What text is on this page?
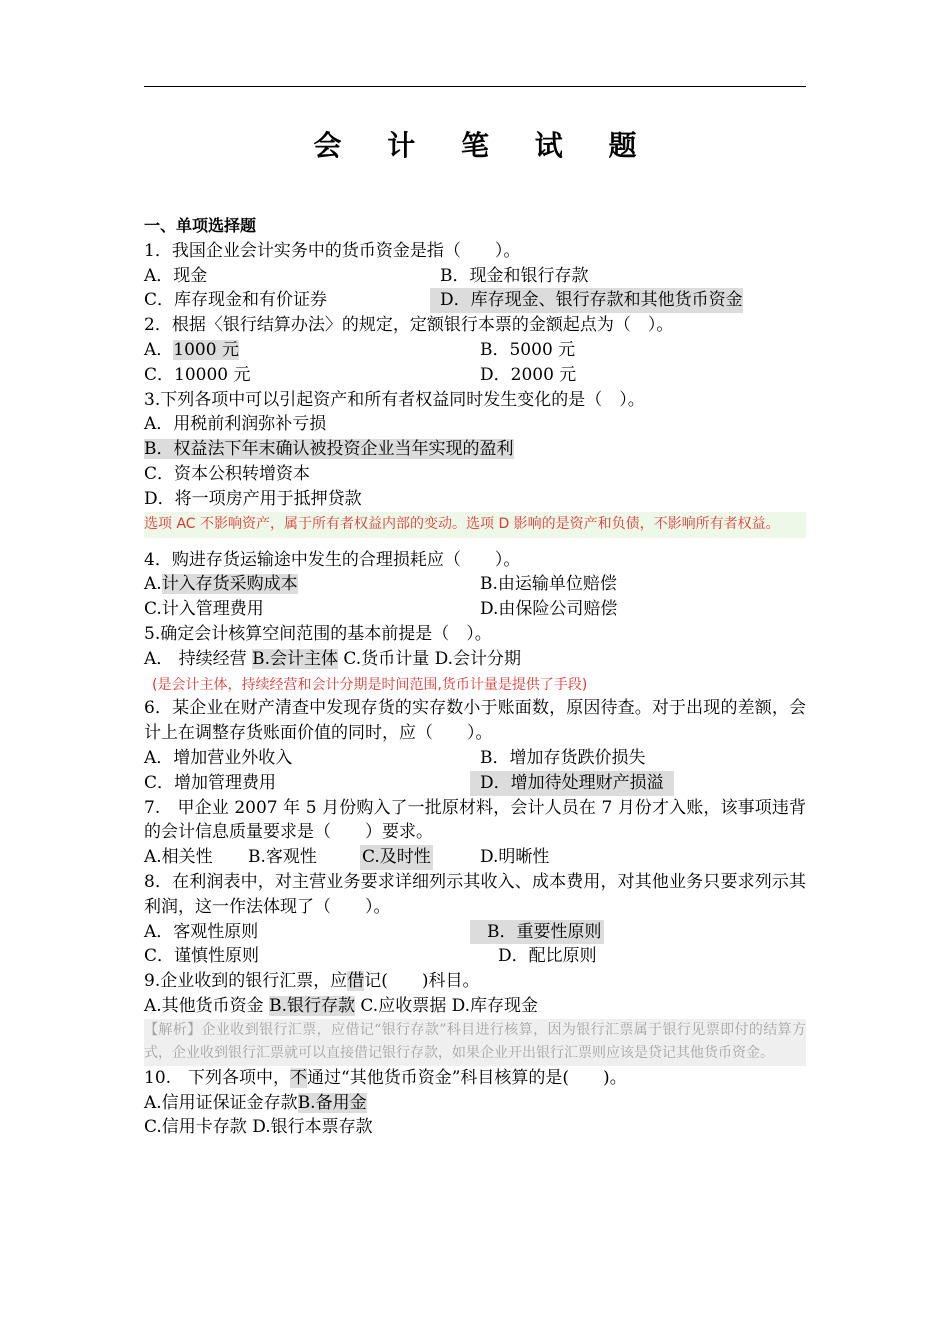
会 计 笔 试 题
一、单项选择题
1．我国企业会计实务中的货币资金是指（　　）。
A．现金	B．现金和银行存款
C．库存现金和有价证券	D．库存现金、银行存款和其他货币资金
2．根据〈银行结算办法〉的规定，定额银行本票的金额起点为（　）。
A．1000 元	B．5000 元
C．10000 元	D．2000 元
3.下列各项中可以引起资产和所有者权益同时发生变化的是（　）。
A．用税前利润弥补亏损
B．权益法下年末确认被投资企业当年实现的盈利
C．资本公积转增资本
D．将一项房产用于抵押贷款
选项 AC 不影响资产，属于所有者权益内部的变动。选项 D 影响的是资产和负债，不影响所有者权益。
4．购进存货运输途中发生的合理损耗应（　　）。
A.计入存货采购成本	B.由运输单位赔偿
C.计入管理费用	D.由保险公司赔偿
5.确定会计核算空间范围的基本前提是（　）。
A． 持续经营 B.会计主体 C.货币计量 D.会计分期
(是会计主体，持续经营和会计分期是时间范围,货币计量是提供了手段)
6．某企业在财产清查中发现存货的实存数小于账面数，原因待查。对于出现的差额，会计上在调整存货账面价值的同时，应（　　）。
A．增加营业外收入	B．增加存货跌价损失
C．增加管理费用	D．增加待处理财产损溢
7.　甲企业 2007 年 5 月份购入了一批原材料，会计人员在 7 月份才入账，该事项违背的会计信息质量要求是（　　）要求。
A.相关性 B.客观性	C.及时性	D.明晰性
8．在利润表中，对主营业务要求详细列示其收入、成本费用，对其他业务只要求列示其利润，这一作法体现了（　　）。
A．客观性原则	　B．重要性原则
C．谨慎性原则	D．配比原则
9.企业收到的银行汇票，应借记(　　)科目。
A.其他货币资金 B.银行存款 C.应收票据 D.库存现金
【解析】企业收到银行汇票，应借记“银行存款”科目进行核算，因为银行汇票属于银行见票即付的结算方式，企业收到银行汇票就可以直接借记银行存款，如果企业开出银行汇票则应该是贷记其他货币资金。
10.　下列各项中，不通过“其他货币资金”科目核算的是(　　)。
A.信用证保证金存款B.备用金
C.信用卡存款 D.银行本票存款
